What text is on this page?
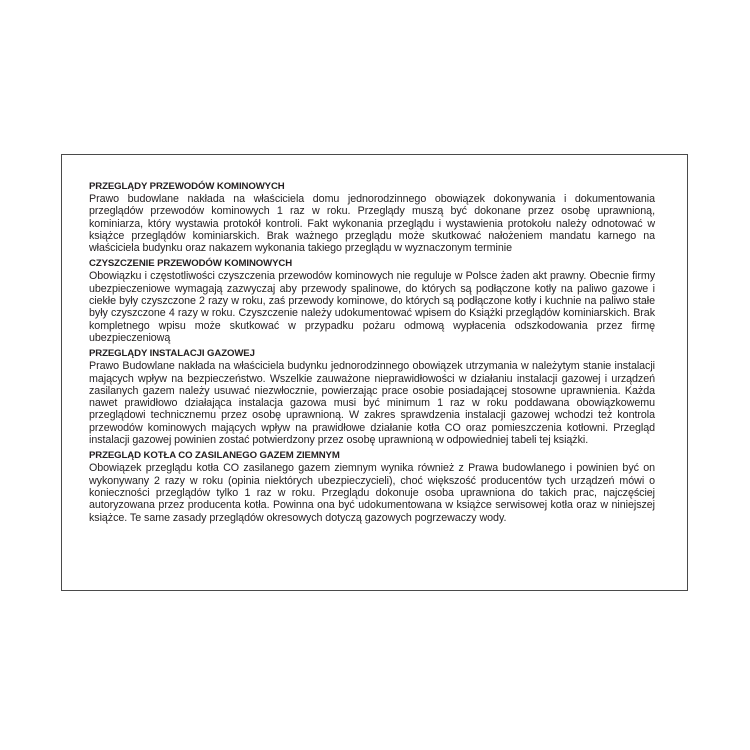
PRZEGLĄDY PRZEWODÓW KOMINOWYCH

Prawo budowlane nakłada na właściciela domu jednorodzinnego obowiązek dokonywania i dokumentowania przeglądów przewodów kominowych 1 raz w roku. Przeglądy muszą być dokonane przez osobę uprawnioną, kominiarza, który wystawia protokół kontroli. Fakt wykonania przeglądu i wystawienia protokołu należy odnotować w książce przeglądów kominiarskich. Brak ważnego przeglądu może skutkować nałożeniem mandatu karnego na właściciela budynku oraz nakazem wykonania takiego przeglądu w wyznaczonym terminie

CZYSZCZENIE PRZEWODÓW KOMINOWYCH

Obowiązku i częstotliwości czyszczenia przewodów kominowych nie reguluje w Polsce żaden akt prawny. Obecnie firmy ubezpieczeniowe wymagają zazwyczaj aby przewody spalinowe, do których są podłączone kotły na paliwo gazowe i ciekłe były czyszczone 2 razy w roku, zaś przewody kominowe, do których są podłączone kotły i kuchnie na paliwo stałe były czyszczone 4 razy w roku. Czyszczenie należy udokumentować wpisem do Książki przeglądów kominiarskich. Brak kompletnego wpisu może skutkować w przypadku pożaru odmową wypłacenia odszkodowania przez firmę ubezpieczeniową

PRZEGLĄDY INSTALACJI GAZOWEJ

Prawo Budowlane nakłada na właściciela budynku jednorodzinnego obowiązek utrzymania w należytym stanie instalacji mających wpływ na bezpieczeństwo. Wszelkie zauważone nieprawidłowości w działaniu instalacji gazowej i urządzeń zasilanych gazem należy usuwać niezwłocznie, powierzając prace osobie posiadającej stosowne uprawnienia. Każda nawet prawidłowo działająca instalacja gazowa musi być minimum 1 raz w roku poddawana obowiązkowemu przeglądowi technicznemu przez osobę uprawnioną. W zakres sprawdzenia instalacji gazowej wchodzi też kontrola przewodów kominowych mających wpływ na prawidłowe działanie kotła CO oraz pomieszczenia kotłowni. Przegląd instalacji gazowej powinien zostać potwierdzony przez osobę uprawnioną w odpowiedniej tabeli tej książki.

PRZEGLĄD KOTŁA CO ZASILANEGO GAZEM ZIEMNYM

Obowiązek przeglądu kotła CO zasilanego gazem ziemnym wynika również z Prawa budowlanego i powinien być on wykonywany 2 razy w roku (opinia niektórych ubezpieczycieli), choć większość producentów tych urządzeń mówi o konieczności przeglądów tylko 1 raz w roku. Przeglądu dokonuje osoba uprawniona do takich prac, najczęściej autoryzowana przez producenta kotła. Powinna ona być udokumentowana w książce serwisowej kotła oraz w niniejszej książce. Te same zasady przeglądów okresowych dotyczą gazowych pogrzewaczy wody.
